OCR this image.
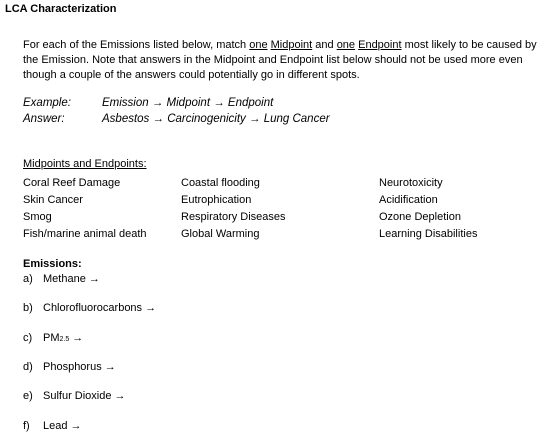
LCA Characterization
For each of the Emissions listed below, match one Midpoint and one Endpoint most likely to be caused by the Emission. Note that answers in the Midpoint and Endpoint list below should not be used more even though a couple of the answers could potentially go in different spots.
Example:	Emission → Midpoint → Endpoint
Answer:	Asbestos → Carcinogenicity → Lung Cancer
Midpoints and Endpoints:
Coral Reef Damage
Skin Cancer
Smog
Fish/marine animal death
Coastal flooding
Eutrophication
Respiratory Diseases
Global Warming
Neurotoxicity
Acidification
Ozone Depletion
Learning Disabilities
Emissions:
a) Methane →
b) Chlorofluorocarbons →
c) PM2.5 →
d) Phosphorus →
e) Sulfur Dioxide →
f) Lead →
